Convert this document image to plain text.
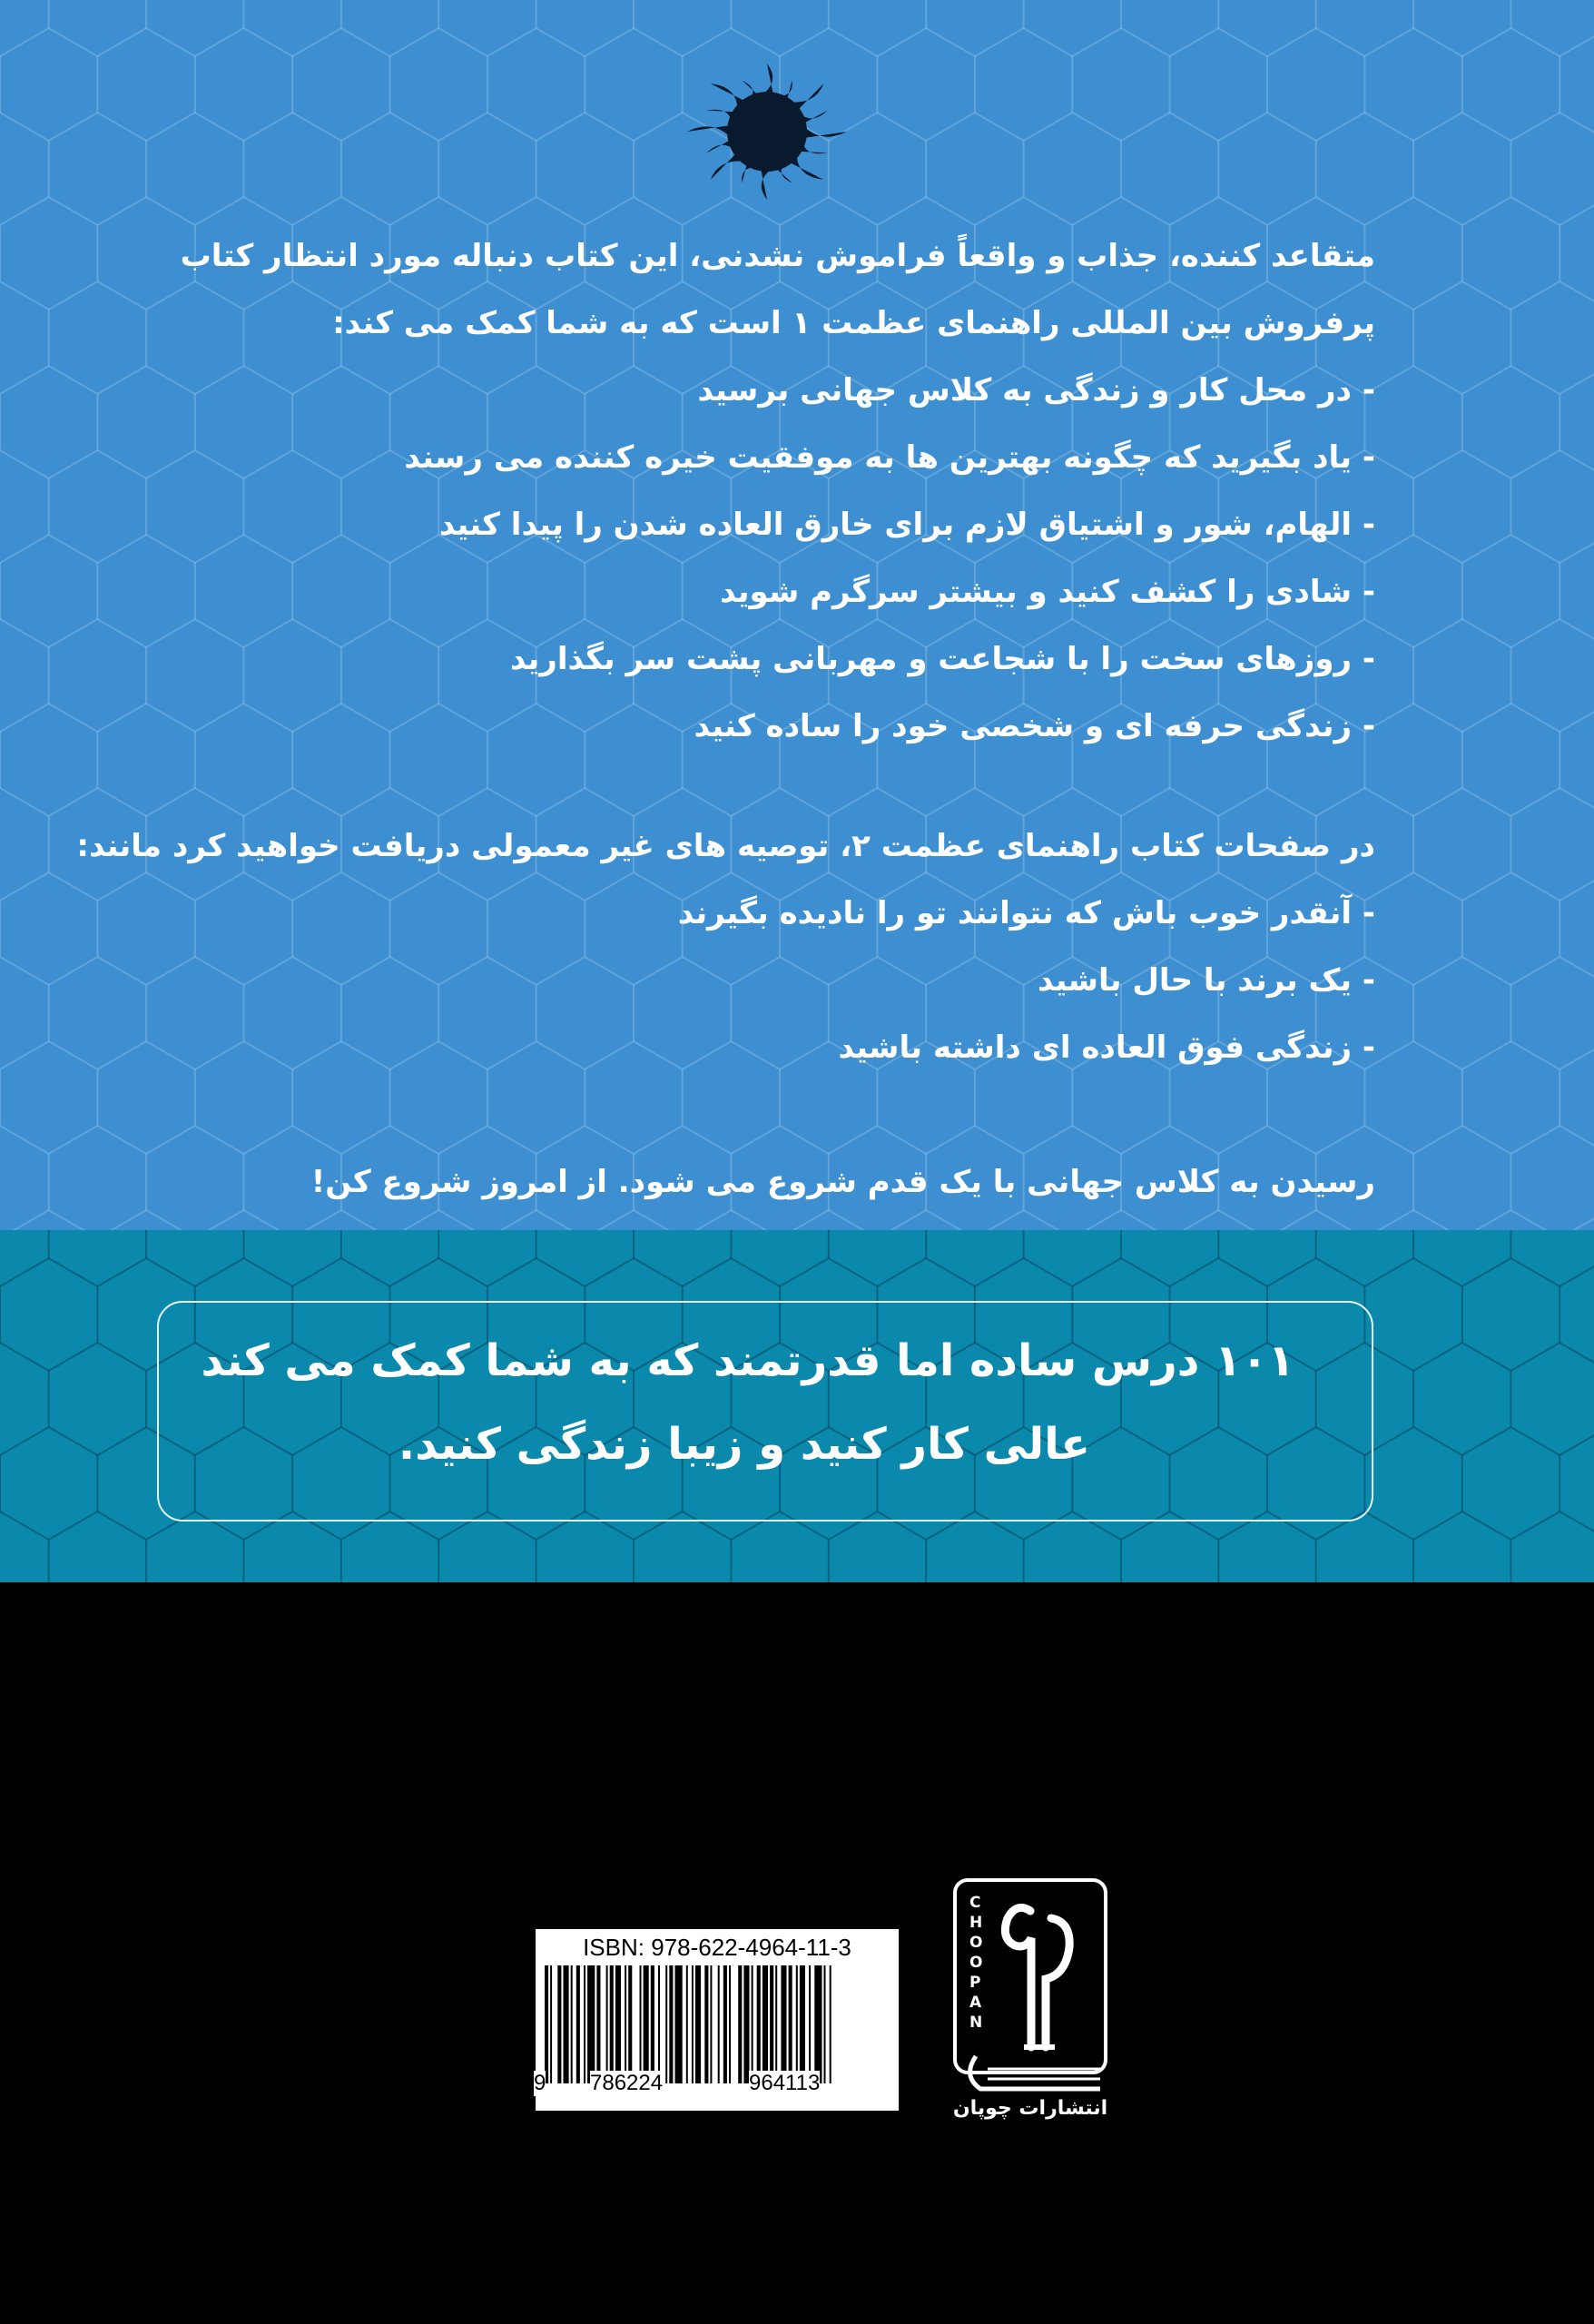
متقاعد کننده، جذاب و واقعاً فراموش نشدنی، این کتاب دنباله مورد انتظار کتاب
پرفروش بین المللی راهنمای عظمت ۱ است که به شما کمک می کند:
- در محل کار و زندگی به کلاس جهانی برسید
- یاد بگیرید که چگونه بهترین ها به موفقیت خیره کننده می رسند
- الهام، شور و اشتیاق لازم برای خارق العاده شدن را پیدا کنید
- شادی را کشف کنید و بیشتر سرگرم شوید
- روزهای سخت را با شجاعت و مهربانی پشت سر بگذارید
- زندگی حرفه ای و شخصی خود را ساده کنید
در صفحات کتاب راهنمای عظمت ۲، توصیه های غیر معمولی دریافت خواهید کرد مانند:
- آنقدر خوب باش که نتوانند تو را نادیده بگیرند
- یک برند با حال باشید
- زندگی فوق العاده ای داشته باشید
رسیدن به کلاس جهانی با یک قدم شروع می شود. از امروز شروع کن!
۱۰۱ درس ساده اما قدرتمند که به شما کمک می کند
عالی کار کنید و زیبا زندگی کنید.
ISBN: 978-622-4964-11-3
9 786224	964113
C
H
O
O
P
A
N
انتشارات چوپان
